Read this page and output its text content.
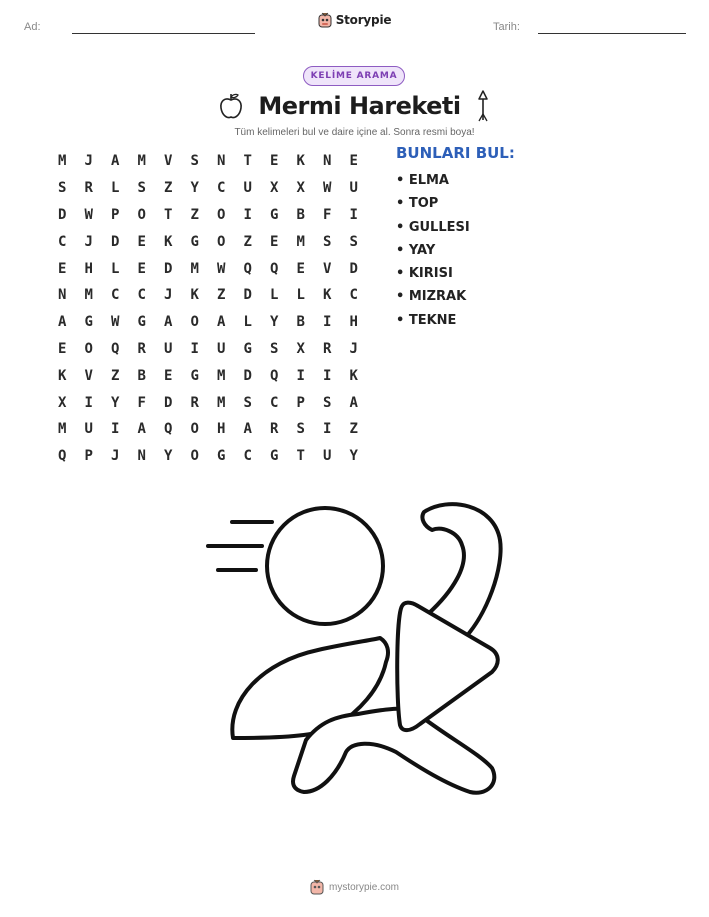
Ad:	Storypie	Tarih:
KELİME ARAMA
Mermi Hareketi
Tüm kelimeleri bul ve daire içine al. Sonra resmi boya!
M	J	A	M	V	S	N	T	E	K	N	E
S	R	L	S	Z	Y	C	U	X	X	W	U
D	W	P	O	T	Z	O	I	G	B	F	I
C	J	D	E	K	G	O	Z	E	M	S	S
E	H	L	E	D	M	W	Q	Q	E	V	D
N	M	C	C	J	K	Z	D	L	L	K	C
A	G	W	G	A	O	A	L	Y	B	I	H
E	O	Q	R	U	I	U	G	S	X	R	J
K	V	Z	B	E	G	M	D	Q	I	I	K
X	I	Y	F	D	R	M	S	C	P	S	A
M	U	I	A	Q	O	H	A	R	S	I	Z
Q	P	J	N	Y	O	G	C	G	T	U	Y
BUNLARI BUL:
• ELMA
• TOP
• GULLESI
• YAY
• KIRISI
• MIZRAK
• TEKNE
mystorypie.com
